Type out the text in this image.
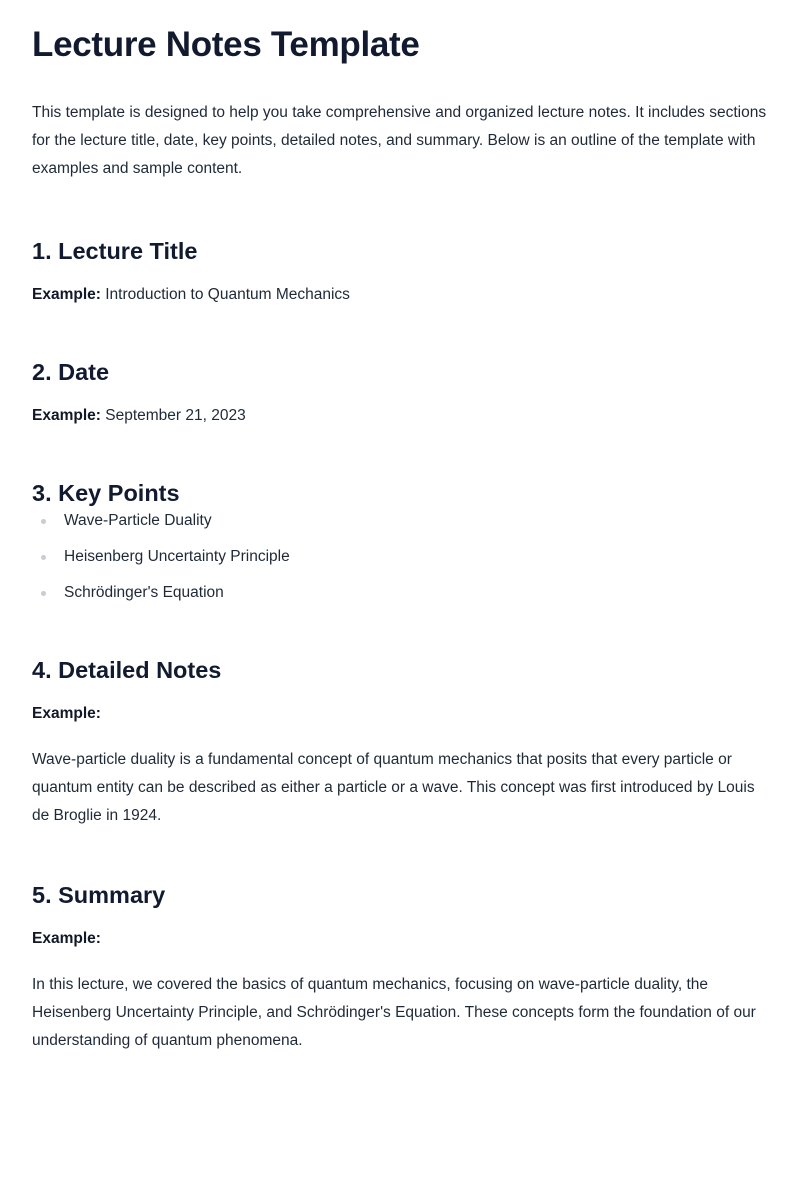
Lecture Notes Template

This template is designed to help you take comprehensive and organized lecture notes. It includes sections for the lecture title, date, key points, detailed notes, and summary. Below is an outline of the template with examples and sample content.

1. Lecture Title

Example: Introduction to Quantum Mechanics

2. Date

Example: September 21, 2023

3. Key Points
Wave-Particle Duality
Heisenberg Uncertainty Principle
Schrödinger's Equation
4. Detailed Notes

Example:

Wave-particle duality is a fundamental concept of quantum mechanics that posits that every particle or quantum entity can be described as either a particle or a wave. This concept was first introduced by Louis de Broglie in 1924.

5. Summary

Example:

In this lecture, we covered the basics of quantum mechanics, focusing on wave-particle duality, the Heisenberg Uncertainty Principle, and Schrödinger's Equation. These concepts form the foundation of our understanding of quantum phenomena.
